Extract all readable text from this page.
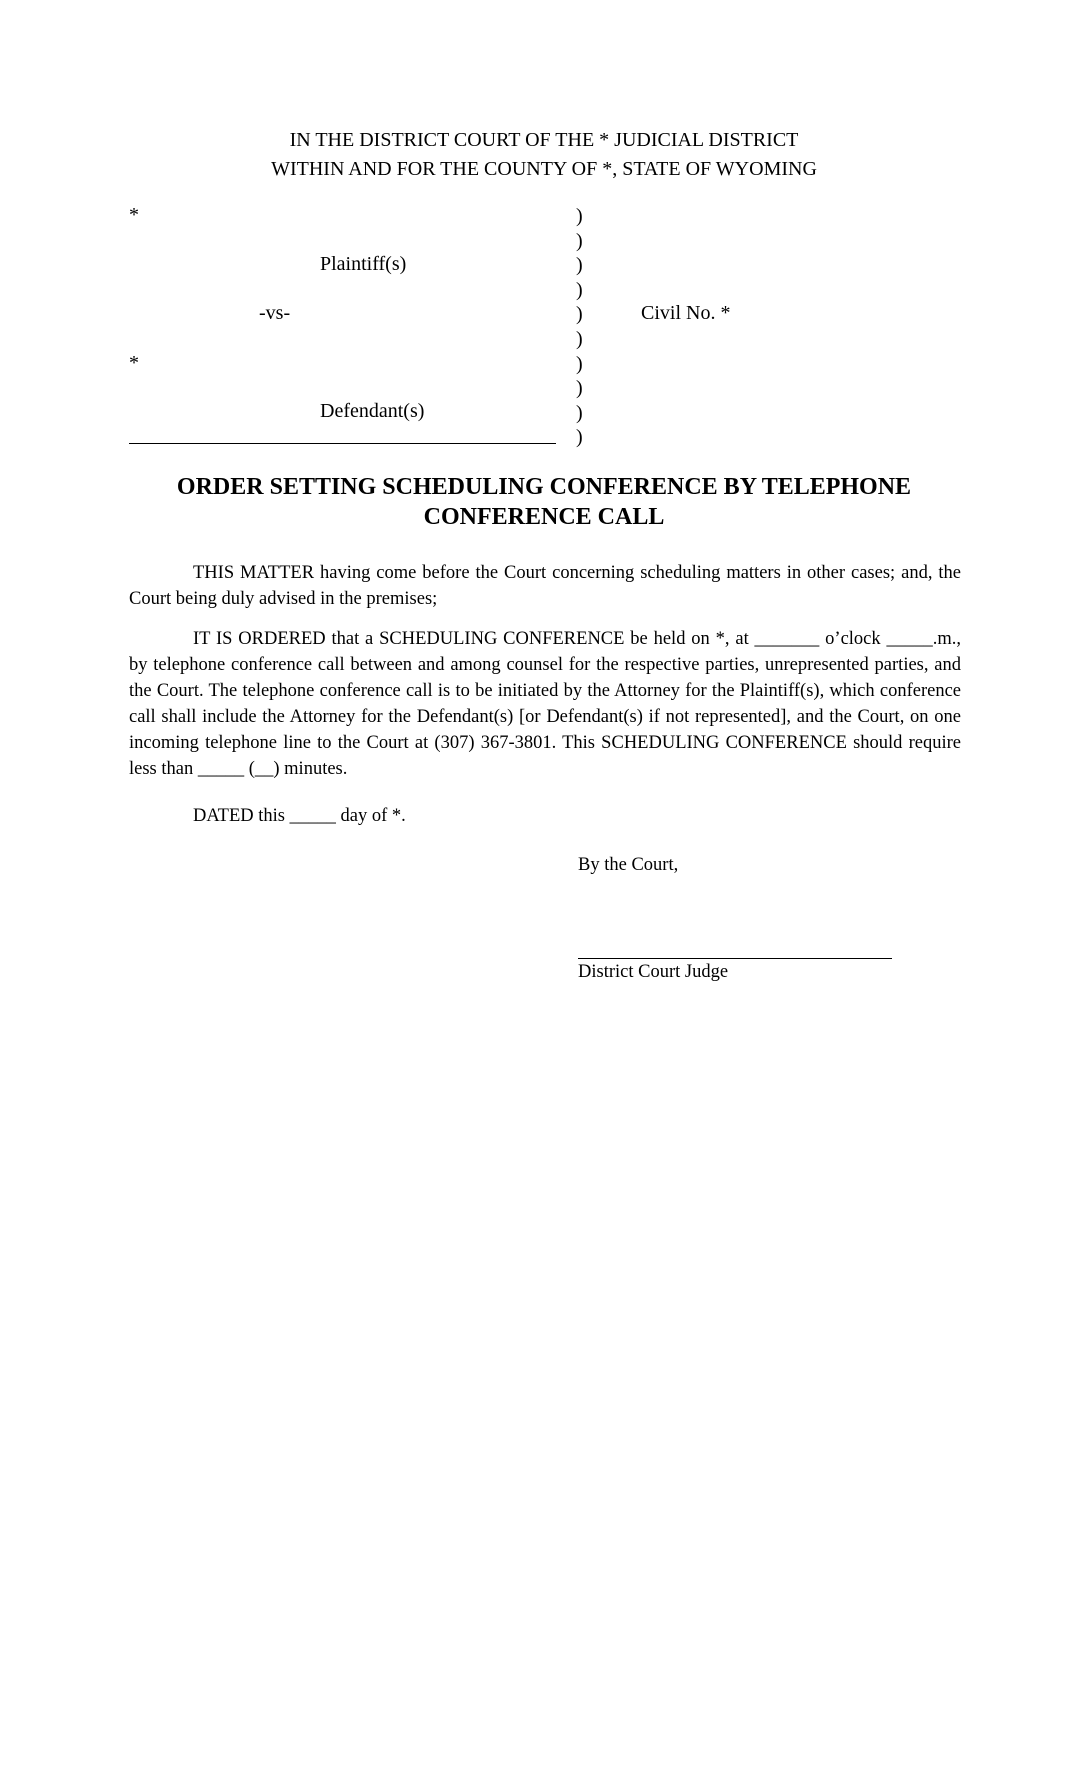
IN THE DISTRICT COURT OF THE * JUDICIAL DISTRICT
WITHIN AND FOR THE COUNTY OF *, STATE OF WYOMING
*
Plaintiff(s)
-vs-
*
Defendant(s)
)
)
)
)
)
)
)
)
)
)
Civil No. *
ORDER SETTING SCHEDULING CONFERENCE BY TELEPHONE
CONFERENCE CALL
THIS MATTER having come before the Court concerning scheduling matters in other cases; and, the Court being duly advised in the premises;
IT IS ORDERED that a SCHEDULING CONFERENCE be held on *, at _______ o’clock _____.m., by telephone conference call between and among counsel for the respective parties, unrepresented parties, and the Court. The telephone conference call is to be initiated by the Attorney for the Plaintiff(s), which conference call shall include the Attorney for the Defendant(s) [or Defendant(s) if not represented], and the Court, on one incoming telephone line to the Court at (307) 367-3801. This SCHEDULING CONFERENCE should require less than _____ (__) minutes.
DATED this _____ day of *.
By the Court,
District Court Judge
